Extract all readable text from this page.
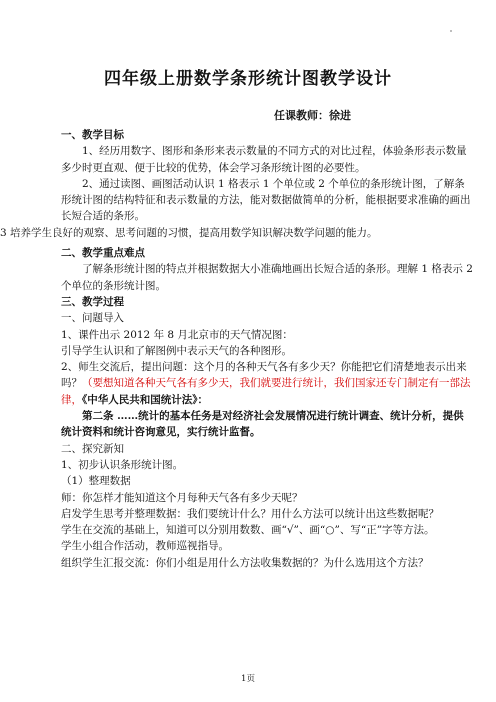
四年级上册数学条形统计图教学设计
任课教师：徐进

一、教学目标

1、经历用数字、图形和条形来表示数量的不同方式的对比过程，体验条形表示数量多少时更直观、便于比较的优势，体会学习条形统计图的必要性。

2、通过读图、画图活动认识 1 格表示 1 个单位或 2 个单位的条形统计图，了解条形统计图的结构特征和表示数量的方法，能对数据做简单的分析，能根据要求准确的画出长短合适的条形。

3 培养学生良好的观察、思考问题的习惯，提高用数学知识解决数学问题的能力。

二、教学重点难点

了解条形统计图的特点并根据数据大小准确地画出长短合适的条形。理解 1 格表示 2 个单位的条形统计图。

三、教学过程

一、问题导入

1、课件出示 2012 年 8 月北京市的天气情况图：

引导学生认识和了解图例中表示天气的各种图形。

2、师生交流后，提出问题：这个月的各种天气各有多少天？你能把它们清楚地表示出来吗？（要想知道各种天气各有多少天，我们就要进行统计，我们国家还专门制定有一部法律，《中华人民共和国统计法》：

第二条 ……统计的基本任务是对经济社会发展情况进行统计调查、统计分析，提供统计资料和统计咨询意见，实行统计监督。

二、探究新知

1、初步认识条形统计图。

（1）整理数据

师：你怎样才能知道这个月每种天气各有多少天呢？

启发学生思考并整理数据：我们要统计什么？用什么方法可以统计出这些数据呢？

学生在交流的基础上，知道可以分别用数数、画“√”、画“○”、写“正”字等方法。

学生小组合作活动，教师巡视指导。

组织学生汇报交流：你们小组是用什么方法收集数据的？为什么选用这个方法？

1页
